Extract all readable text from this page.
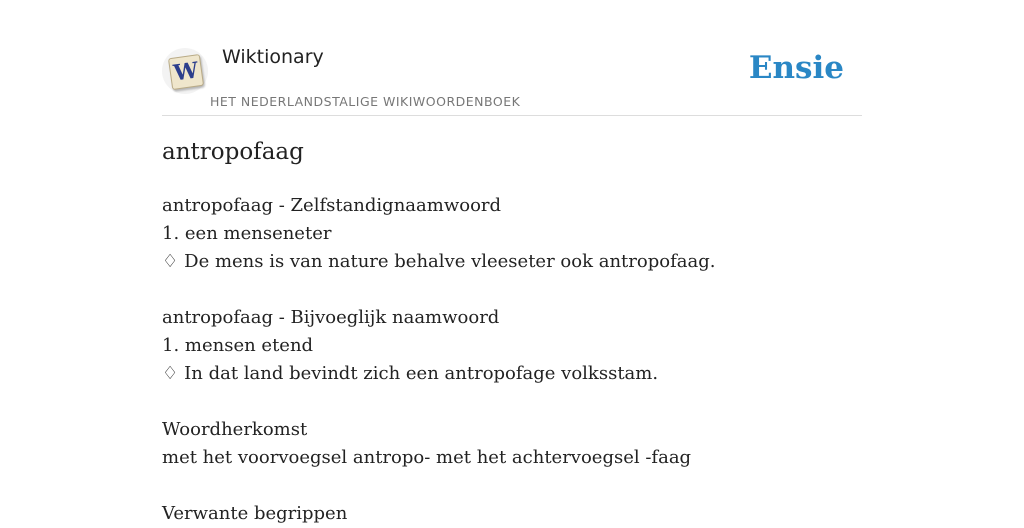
W
Wiktionary
HET NEDERLANDSTALIGE WIKIWOORDENBOEK
Ensie
antropofaag
antropofaag - Zelfstandignaamwoord
1. een menseneter
♢ De mens is van nature behalve vleeseter ook antropofaag.
antropofaag - Bijvoeglijk naamwoord
1. mensen etend
♢ In dat land bevindt zich een antropofage volksstam.
Woordherkomst
met het voorvoegsel antropo- met het achtervoegsel -faag
Verwante begrippen
